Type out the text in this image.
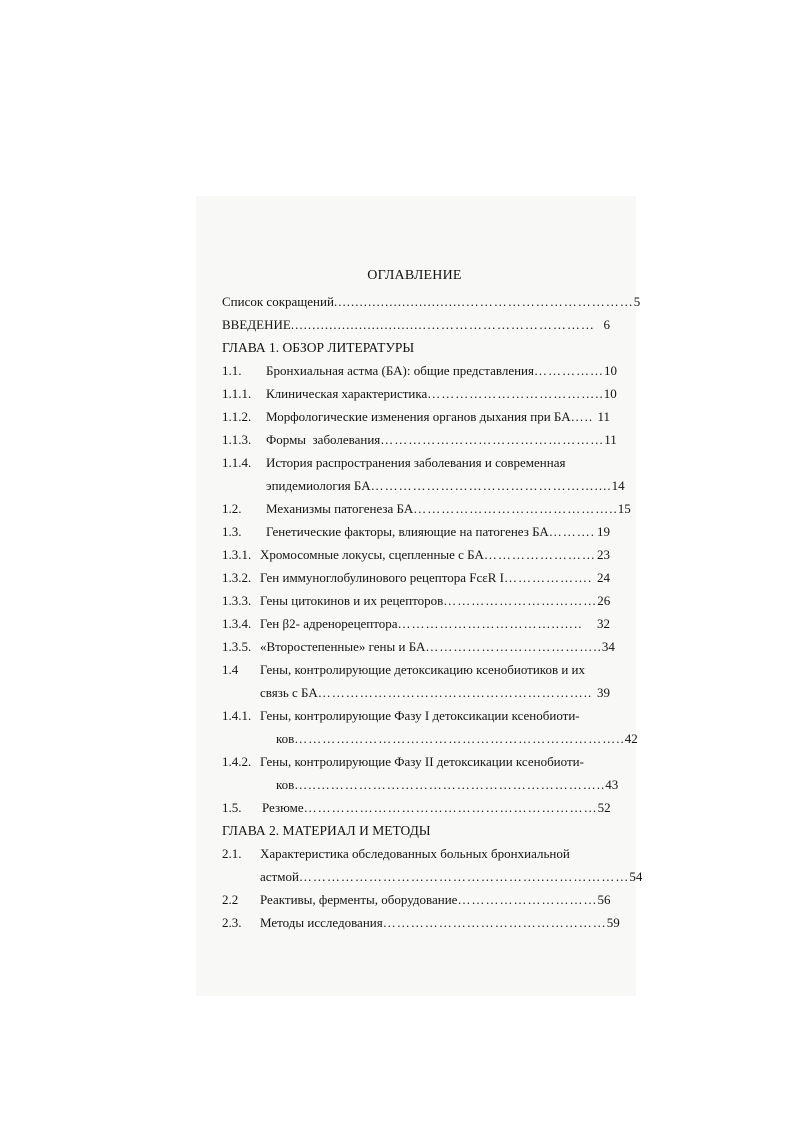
ОГЛАВЛЕНИЕ
Список сокращений ...............................……………………………… 5
ВВЕДЕНИЕ ................................……………………………… 6
ГЛАВА 1. ОБЗОР ЛИТЕРАТУРЫ
1.1. Бронхиальная астма (БА): общие представления …………… 10
1.1.1. Клиническая характеристика ……………………………….. 10
1.1.2. Морфологические изменения органов дыхания при БА ….. 11
1.1.3. Формы  заболевания ………………………………………… 11
1.1.4. История распространения заболевания и современная
эпидемиология БА ………………………………………….... 14
1.2. Механизмы патогенеза БА …………………………………….. 15
1.3. Генетические факторы, влияющие на патогенез БА ………. 19
1.3.1. Хромосомные локусы, сцепленные с БА …………………… 23
1.3.2. Ген иммуноглобулинового рецептора FcεR I ………………. 24
1.3.3. Гены цитокинов и их рецепторов …………………………… 26
1.3.4. Ген β2- адренорецептора ……………………………..…..	32
1.3.5. «Второстепенные» гены и БА ……………………………….. 34
1.4 Гены, контролирующие детоксикацию ксенобиотиков и их
связь с БА ………………………………………………….. 39
1.4.1. Гены, контролирующие Фазу I детоксикации ксенобиоти-
ков …………………………………………………………….. 42
1.4.2. Гены, контролирующие Фазу II детоксикации ксенобиоти-
ков …..…………………………………………………….. 43
1.5. Резюме ……………………………………………………… 52
ГЛАВА 2. МАТЕРИАЛ И МЕТОДЫ
2.1. Характеристика обследованных больных бронхиальной
астмой ……………………………………………..……………… 54
2.2 Реактивы, ферменты, оборудование ………………………… 56
2.3. Методы исследования ………………………………………… 59
